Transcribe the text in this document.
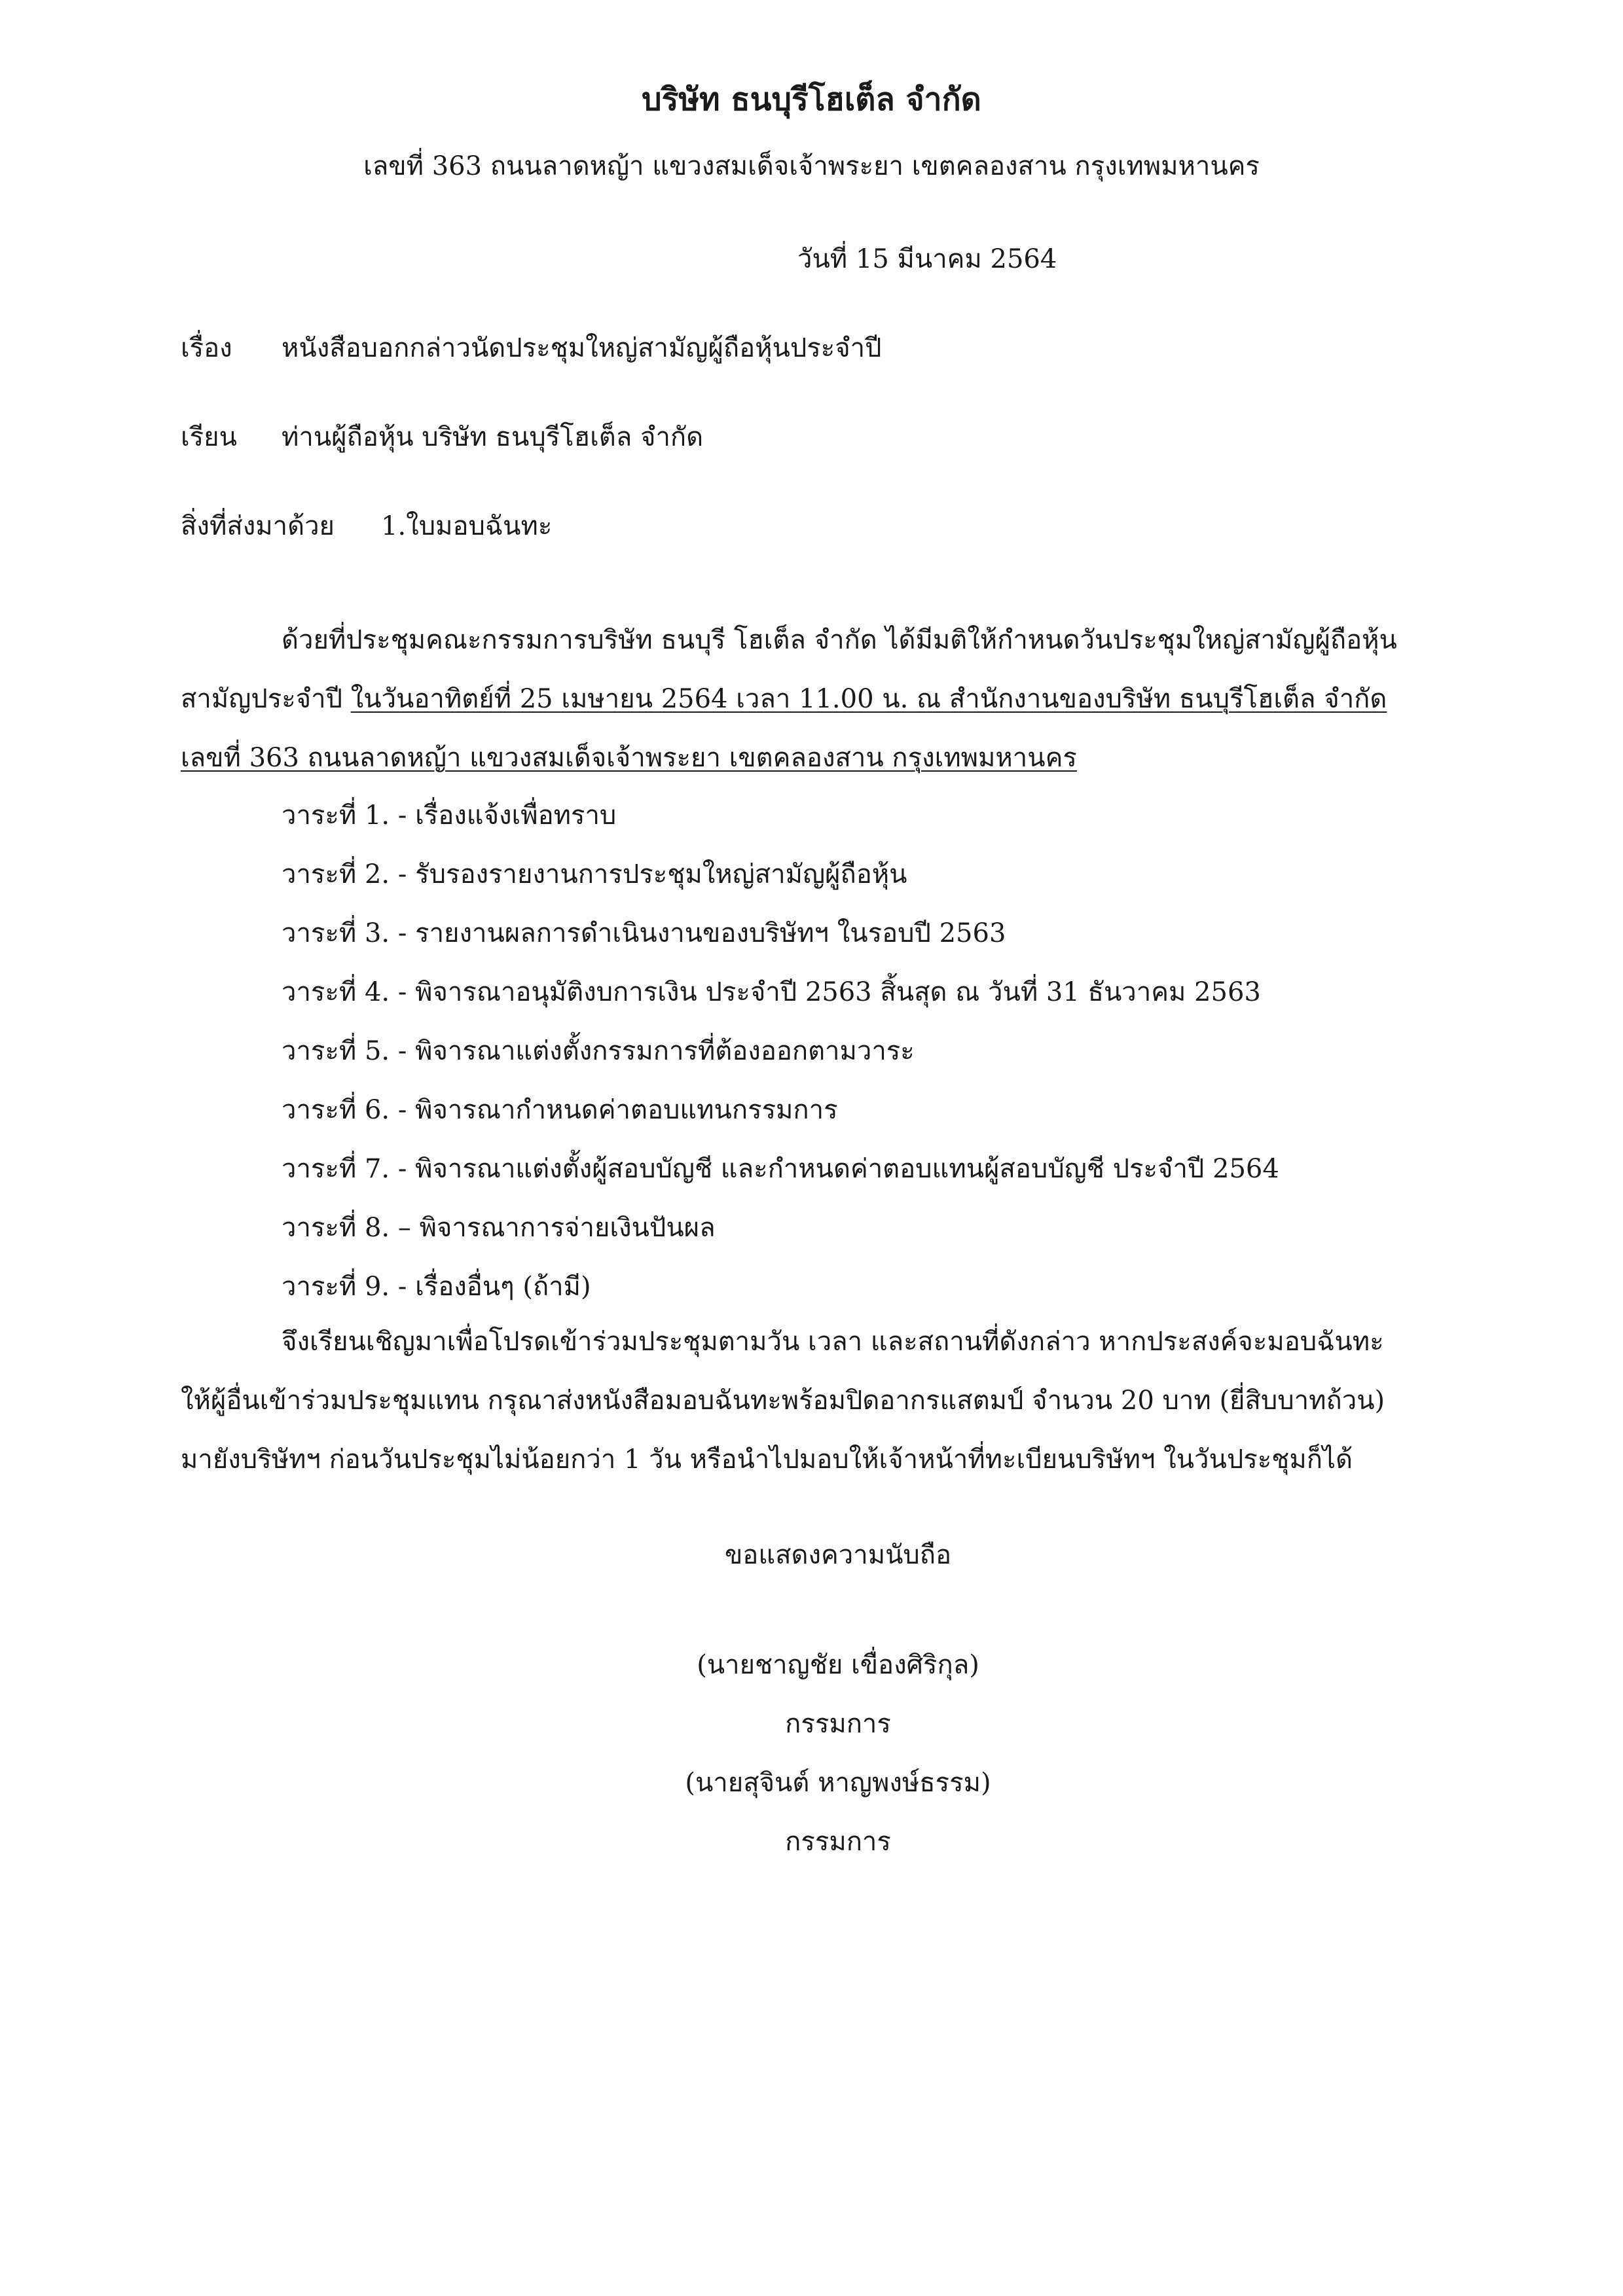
บริษัท ธนบุรีโฮเต็ล จำกัด
เลขที่ 363 ถนนลาดหญ้า แขวงสมเด็จเจ้าพระยา เขตคลองสาน กรุงเทพมหานคร
วันที่ 15 มีนาคม 2564
เรื่อง หนังสือบอกกล่าวนัดประชุมใหญ่สามัญผู้ถือหุ้นประจำปี
เรียน ท่านผู้ถือหุ้น บริษัท ธนบุรีโฮเต็ล จำกัด
สิ่งที่ส่งมาด้วย 1.ใบมอบฉันทะ
ด้วยที่ประชุมคณะกรรมการบริษัท ธนบุรี โฮเต็ล จำกัด ได้มีมติให้กำหนดวันประชุมใหญ่สามัญผู้ถือหุ้น
สามัญประจำปี ในวันอาทิตย์ที่ 25 เมษายน 2564 เวลา 11.00 น. ณ สำนักงานของบริษัท ธนบุรีโฮเต็ล จำกัด
เลขที่ 363 ถนนลาดหญ้า แขวงสมเด็จเจ้าพระยา เขตคลองสาน กรุงเทพมหานคร
วาระที่ 1. - เรื่องแจ้งเพื่อทราบ
วาระที่ 2. - รับรองรายงานการประชุมใหญ่สามัญผู้ถือหุ้น
วาระที่ 3. - รายงานผลการดำเนินงานของบริษัทฯ ในรอบปี 2563
วาระที่ 4. - พิจารณาอนุมัติงบการเงิน ประจำปี 2563 สิ้นสุด ณ วันที่ 31 ธันวาคม 2563
วาระที่ 5. - พิจารณาแต่งตั้งกรรมการที่ต้องออกตามวาระ
วาระที่ 6. - พิจารณากำหนดค่าตอบแทนกรรมการ
วาระที่ 7. - พิจารณาแต่งตั้งผู้สอบบัญชี และกำหนดค่าตอบแทนผู้สอบบัญชี ประจำปี 2564
วาระที่ 8. – พิจารณาการจ่ายเงินปันผล
วาระที่ 9. - เรื่องอื่นๆ (ถ้ามี)
จึงเรียนเชิญมาเพื่อโปรดเข้าร่วมประชุมตามวัน เวลา และสถานที่ดังกล่าว หากประสงค์จะมอบฉันทะ
ให้ผู้อื่นเข้าร่วมประชุมแทน กรุณาส่งหนังสือมอบฉันทะพร้อมปิดอากรแสตมป์ จำนวน 20 บาท (ยี่สิบบาทถ้วน)
มายังบริษัทฯ ก่อนวันประชุมไม่น้อยกว่า 1 วัน หรือนำไปมอบให้เจ้าหน้าที่ทะเบียนบริษัทฯ ในวันประชุมก็ได้
ขอแสดงความนับถือ
(นายชาญชัย เขื่องศิริกุล)
กรรมการ
(นายสุจินต์ หาญพงษ์ธรรม)
กรรมการ
